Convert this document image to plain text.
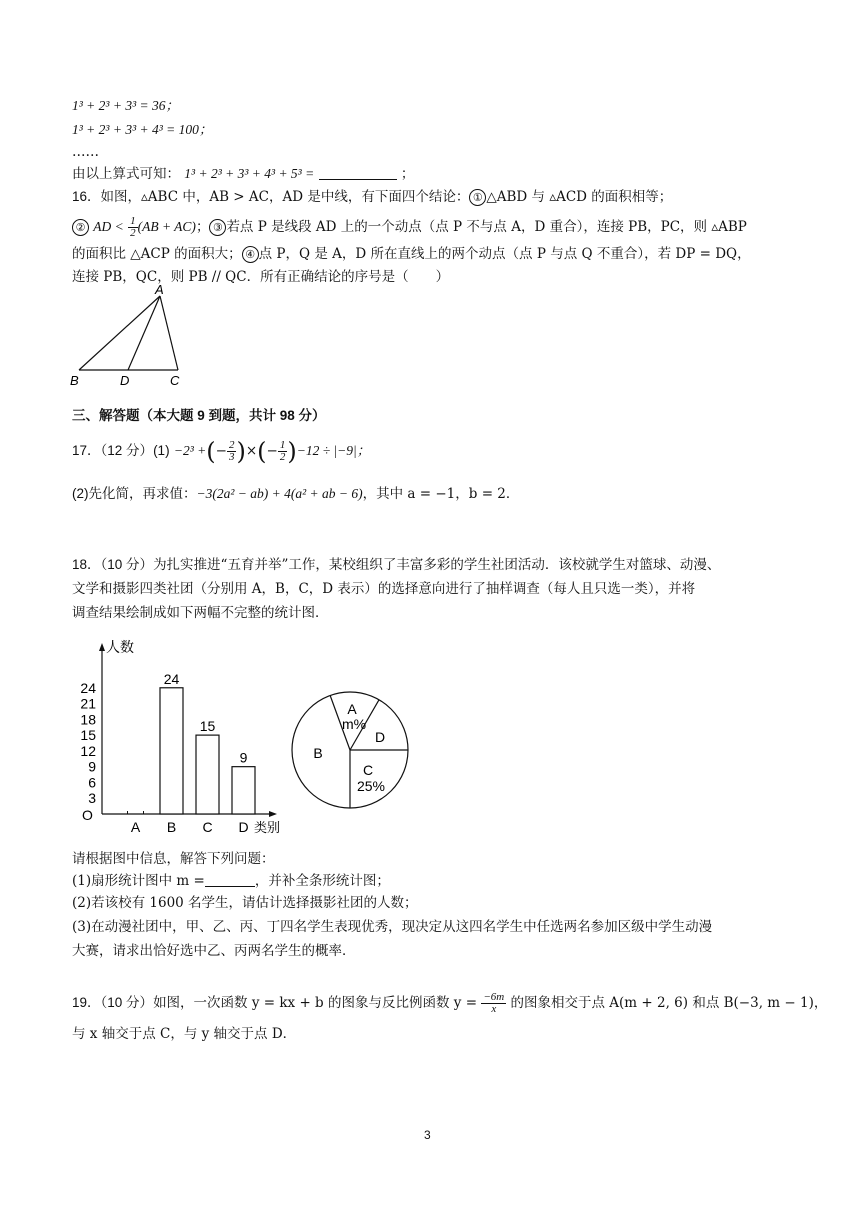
1³ + 2³ + 3³ = 36；
1³ + 2³ + 3³ + 4³ = 100；
……
由以上算式可知： 1³ + 2³ + 3³ + 4³ + 5³ =	；
16．如图，▵ABC 中，AB > AC，AD 是中线，有下面四个结论： ① △ABD 与 ▵ACD 的面积相等；
② AD < $\frac{1}{2} (AB + AC)$； ③ 若点 P 是线段 AD 上的一个动点（点 P 不与点 A，D 重合），连接 PB，PC，则 ▵ABP
的面积比 △ACP 的面积大； ④ 点 P，Q 是 A，D 所在直线上的两个动点（点 P 与点 Q 不重合），若 DP = DQ，
连接 PB，QC，则 PB // QC．所有正确结论的序号是（　　）
A
B	D	C
三、解答题（本大题 9 到题，共计 98 分）
17．（12 分）(1) −2³ +(− $\frac{2}{3}$ )×(− $\frac{1}{2} )-12 \div |-9|$；
(2)先化简，再求值：−3(2a² − ab) + 4(a² + ab − 6)，其中 a = −1，b = 2．
18．（10 分）为扎实推进“五育并举”工作，某校组织了丰富多彩的学生社团活动．该校就学生对篮球、动漫、
文学和摄影四类社团（分别用 A，B，C，D 表示）的选择意向进行了抽样调查（每人且只选一类），并将
调查结果绘制成如下两幅不完整的统计图．
人数
类别
O
3
6
9
12
15
18
21
24
A
24
B
15
C
9
D
A
m%
D
C
25%
B
请根据图中信息，解答下列问题：
(1)扇形统计图中 m =	，并补全条形统计图；
(2)若该校有 1600 名学生，请估计选择摄影社团的人数；
(3)在动漫社团中，甲、乙、丙、丁四名学生表现优秀，现决定从这四名学生中任选两名参加区级中学生动漫
大赛，请求出恰好选中乙、丙两名学生的概率．
19．（10 分）如图，一次函数 y = kx + b 的图象与反比例函数 $y = \frac{-6m}{x}$ 的图象相交于点 A(m + 2, 6) 和点 B(−3, m − 1)，
与 x 轴交于点 C，与 y 轴交于点 D．
3
